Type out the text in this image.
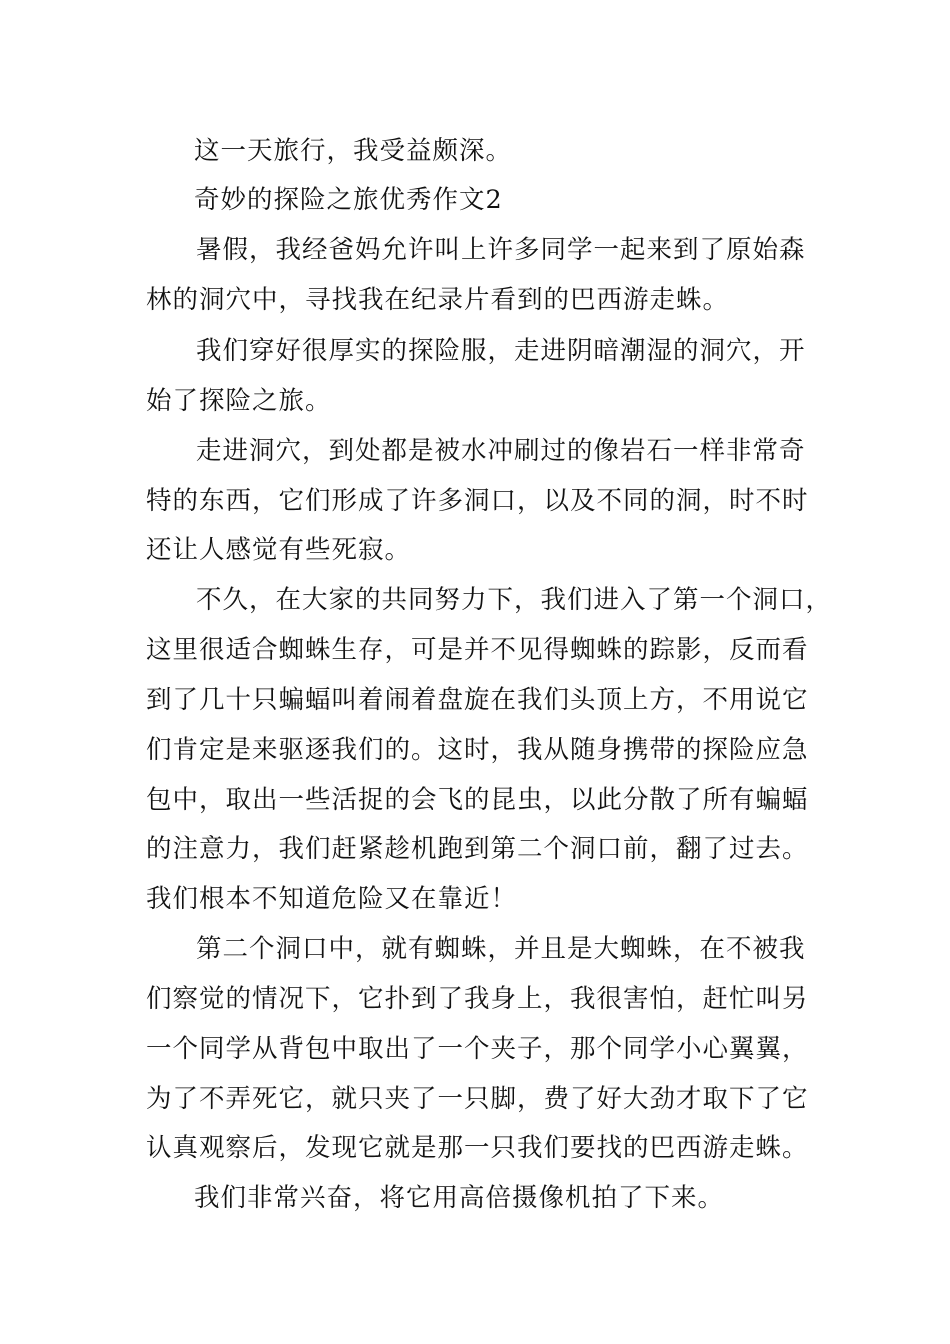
这一天旅行，我受益颇深。
奇妙的探险之旅优秀作文2
暑假，我经爸妈允许叫上许多同学一起来到了原始森
林的洞穴中，寻找我在纪录片看到的巴西游走蛛。
我们穿好很厚实的探险服，走进阴暗潮湿的洞穴，开
始了探险之旅。
走进洞穴，到处都是被水冲刷过的像岩石一样非常奇
特的东西，它们形成了许多洞口，以及不同的洞，时不时
还让人感觉有些死寂。
不久，在大家的共同努力下，我们进入了第一个洞口，
这里很适合蜘蛛生存，可是并不见得蜘蛛的踪影，反而看
到了几十只蝙蝠叫着闹着盘旋在我们头顶上方，不用说它
们肯定是来驱逐我们的。这时，我从随身携带的探险应急
包中，取出一些活捉的会飞的昆虫，以此分散了所有蝙蝠
的注意力，我们赶紧趁机跑到第二个洞口前，翻了过去。
我们根本不知道危险又在靠近！
第二个洞口中，就有蜘蛛，并且是大蜘蛛，在不被我
们察觉的情况下，它扑到了我身上，我很害怕，赶忙叫另
一个同学从背包中取出了一个夹子，那个同学小心翼翼，
为了不弄死它，就只夹了一只脚，费了好大劲才取下了它
认真观察后，发现它就是那一只我们要找的巴西游走蛛。
我们非常兴奋，将它用高倍摄像机拍了下来。
